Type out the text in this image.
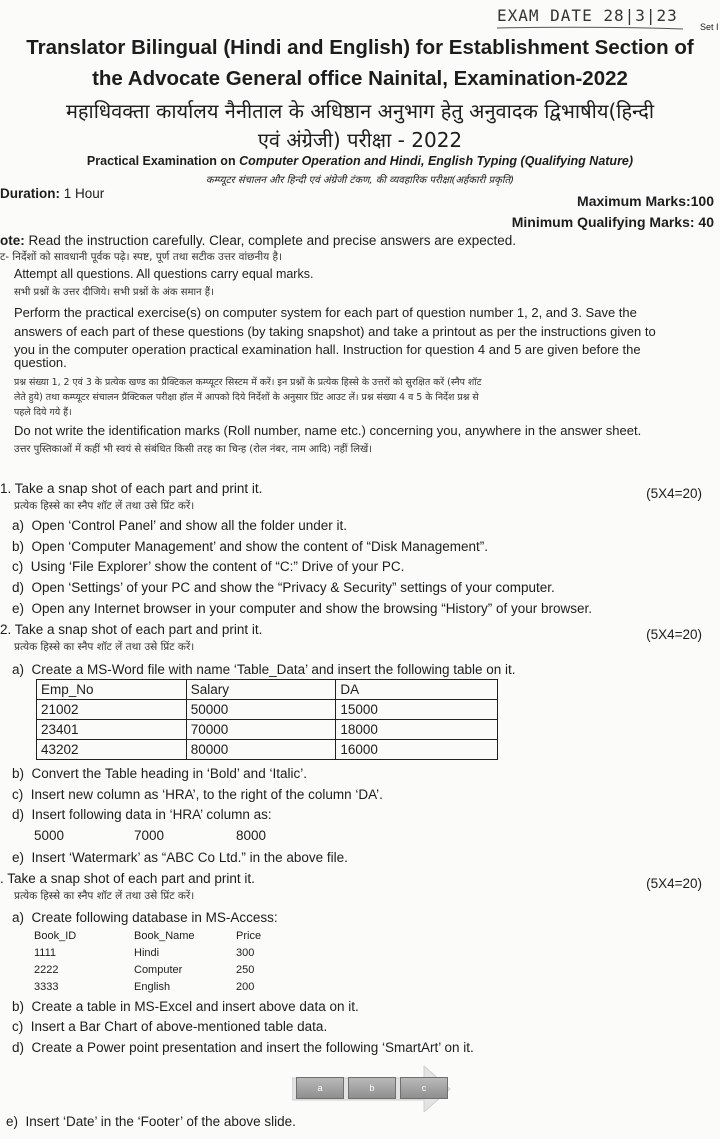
EXAM DATE 28|3|23
Set I
Translator Bilingual (Hindi and English) for Establishment Section of
the Advocate General office Nainital, Examination-2022
महाधिवक्ता कार्यालय नैनीताल के अधिष्ठान अनुभाग हेतु अनुवादक द्विभाषीय(हिन्दी
एवं अंग्रेजी) परीक्षा - 2022
Practical Examination on Computer Operation and Hindi, English Typing (Qualifying Nature)
कम्प्यूटर संचालन और हिन्दी एवं अंग्रेजी टंकण, की व्यवहारिक परीक्षा(अर्हकारी प्रकृति)
Duration: 1 Hour	Maximum Marks:100
Minimum Qualifying Marks: 40
ote: Read the instruction carefully. Clear, complete and precise answers are expected.
ट- निर्देशों को सावधानी पूर्वक पढ़े। स्पष्ट, पूर्ण तथा सटीक उत्तर वांछनीय है।
Attempt all questions. All questions carry equal marks.
सभी प्रश्नों के उत्तर दीजिये। सभी प्रश्नों के अंक समान हैं।
Perform the practical exercise(s) on computer system for each part of question number 1, 2, and 3. Save the
answers of each part of these questions (by taking snapshot) and take a printout as per the instructions given to
you in the computer operation practical examination hall. Instruction for question 4 and 5 are given before the
question.
प्रश्न संख्या 1, 2 एवं 3 के प्रत्येक खण्ड का प्रैक्टिकल कम्प्यूटर सिस्टम में करें। इन प्रश्नों के प्रत्येक हिस्से के उत्तरों को सुरक्षित करें (स्नैप शॉट
लेते हुये) तथा कम्प्यूटर संचालन प्रैक्टिकल परीक्षा हॉल में आपको दिये निर्देशों के अनुसार प्रिंट आउट लें। प्रश्न संख्या 4 व 5 के निर्देश प्रश्न से
पहले दिये गये हैं।
Do not write the identification marks (Roll number, name etc.) concerning you, anywhere in the answer sheet.
उत्तर पुस्तिकाओं में कहीं भी स्वयं से संबंधित किसी तरह का चिन्ह (रोल नंबर, नाम आदि) नहीं लिखें।
1. Take a snap shot of each part and print it.	(5X4=20)
प्रत्येक हिस्से का स्नैप शॉट लें तथा उसे प्रिंट करें।
a) Open ‘Control Panel’ and show all the folder under it.
b) Open ‘Computer Management’ and show the content of “Disk Management”.
c) Using ‘File Explorer’ show the content of “C:” Drive of your PC.
d) Open ‘Settings’ of your PC and show the “Privacy & Security” settings of your computer.
e) Open any Internet browser in your computer and show the browsing “History” of your browser.
2. Take a snap shot of each part and print it.	(5X4=20)
प्रत्येक हिस्से का स्नैप शॉट लें तथा उसे प्रिंट करें।
a) Create a MS-Word file with name ‘Table_Data’ and insert the following table on it.
Emp_No	Salary	DA
21002	50000	15000
23401	70000	18000
43202	80000	16000
b) Convert the Table heading in ‘Bold’ and ‘Italic’.
c) Insert new column as ‘HRA’, to the right of the column ‘DA’.
d) Insert following data in ‘HRA’ column as:
5000	7000	8000
e) Insert ‘Watermark’ as “ABC Co Ltd.” in the above file.
. Take a snap shot of each part and print it.	(5X4=20)
प्रत्येक हिस्से का स्नैप शॉट लें तथा उसे प्रिंट करें।
a) Create following database in MS-Access:
Book_ID	Book_Name	Price
1111	Hindi	300
2222	Computer	250
3333	English	200
b) Create a table in MS-Excel and insert above data on it.
c) Insert a Bar Chart of above-mentioned table data.
d) Create a Power point presentation and insert the following ‘SmartArt’ on it.
a	b	c
e) Insert ‘Date’ in the ‘Footer’ of the above slide.
